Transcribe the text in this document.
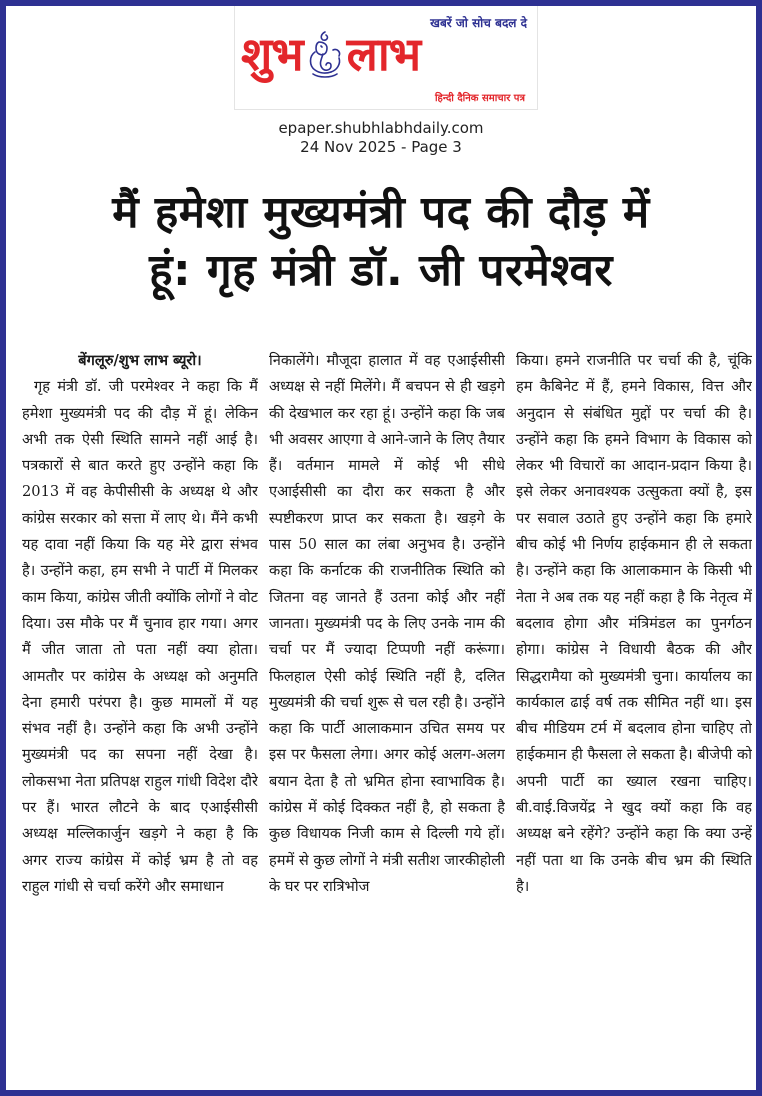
खबरें जो सोच बदल दे
शुभ लाभ
हिन्दी दैनिक समाचार पत्र
epaper.shubhlabhdaily.com
24 Nov 2025 - Page 3
मैं हमेशा मुख्यमंत्री पद की दौड़ में
हूं: गृह मंत्री डॉ. जी परमेश्वर
बेंगलूरु/शुभ लाभ ब्यूरो।

गृह मंत्री डॉ. जी परमेश्वर ने कहा कि मैं हमेशा मुख्यमंत्री पद की दौड़ में हूं। लेकिन अभी तक ऐसी स्थिति सामने नहीं आई है। पत्रकारों से बात करते हुए उन्होंने कहा कि 2013 में वह केपीसीसी के अध्यक्ष थे और कांग्रेस सरकार को सत्ता में लाए थे। मैंने कभी यह दावा नहीं किया कि यह मेरे द्वारा संभव है। उन्होंने कहा, हम सभी ने पार्टी में मिलकर काम किया, कांग्रेस जीती क्योंकि लोगों ने वोट दिया। उस मौके पर मैं चुनाव हार गया। अगर मैं जीत जाता तो पता नहीं क्या होता। आमतौर पर कांग्रेस के अध्यक्ष को अनुमति देना हमारी परंपरा है। कुछ मामलों में यह संभव नहीं है। उन्होंने कहा कि अभी उन्होंने मुख्यमंत्री पद का सपना नहीं देखा है। लोकसभा नेता प्रतिपक्ष राहुल गांधी विदेश दौरे पर हैं। भारत लौटने के बाद एआईसीसी अध्यक्ष मल्लिकार्जुन खड़गे ने कहा है कि अगर राज्य कांग्रेस में कोई भ्रम है तो वह राहुल गांधी से चर्चा करेंगे और समाधान

निकालेंगे। मौजूदा हालात में वह एआईसीसी अध्यक्ष से नहीं मिलेंगे। मैं बचपन से ही खड़गे की देखभाल कर रहा हूं। उन्होंने कहा कि जब भी अवसर आएगा वे आने-जाने के लिए तैयार हैं। वर्तमान मामले में कोई भी सीधे एआईसीसी का दौरा कर सकता है और स्पष्टीकरण प्राप्त कर सकता है। खड़गे के पास 50 साल का लंबा अनुभव है। उन्होंने कहा कि कर्नाटक की राजनीतिक स्थिति को जितना वह जानते हैं उतना कोई और नहीं जानता। मुख्यमंत्री पद के लिए उनके नाम की चर्चा पर मैं ज्यादा टिप्पणी नहीं करूंगा। फिलहाल ऐसी कोई स्थिति नहीं है, दलित मुख्यमंत्री की चर्चा शुरू से चल रही है। उन्होंने कहा कि पार्टी आलाकमान उचित समय पर इस पर फैसला लेगा। अगर कोई अलग-अलग बयान देता है तो भ्रमित होना स्वाभाविक है। कांग्रेस में कोई दिक्कत नहीं है, हो सकता है कुछ विधायक निजी काम से दिल्ली गये हों। हममें से कुछ लोगों ने मंत्री सतीश जारकीहोली के घर पर रात्रिभोज

किया। हमने राजनीति पर चर्चा की है, चूंकि हम कैबिनेट में हैं, हमने विकास, वित्त और अनुदान से संबंधित मुद्दों पर चर्चा की है। उन्होंने कहा कि हमने विभाग के विकास को लेकर भी विचारों का आदान-प्रदान किया है। इसे लेकर अनावश्यक उत्सुकता क्यों है, इस पर सवाल उठाते हुए उन्होंने कहा कि हमारे बीच कोई भी निर्णय हाईकमान ही ले सकता है। उन्होंने कहा कि आलाकमान के किसी भी नेता ने अब तक यह नहीं कहा है कि नेतृत्व में बदलाव होगा और मंत्रिमंडल का पुनर्गठन होगा। कांग्रेस ने विधायी बैठक की और सिद्धरामैया को मुख्यमंत्री चुना। कार्यालय का कार्यकाल ढाई वर्ष तक सीमित नहीं था। इस बीच मीडियम टर्म में बदलाव होना चाहिए तो हाईकमान ही फैसला ले सकता है। बीजेपी को अपनी पार्टी का ख्याल रखना चाहिए। बी.वाई.विजयेंद्र ने खुद क्यों कहा कि वह अध्यक्ष बने रहेंगे? उन्होंने कहा कि क्या उन्हें नहीं पता था कि उनके बीच भ्रम की स्थिति है।
